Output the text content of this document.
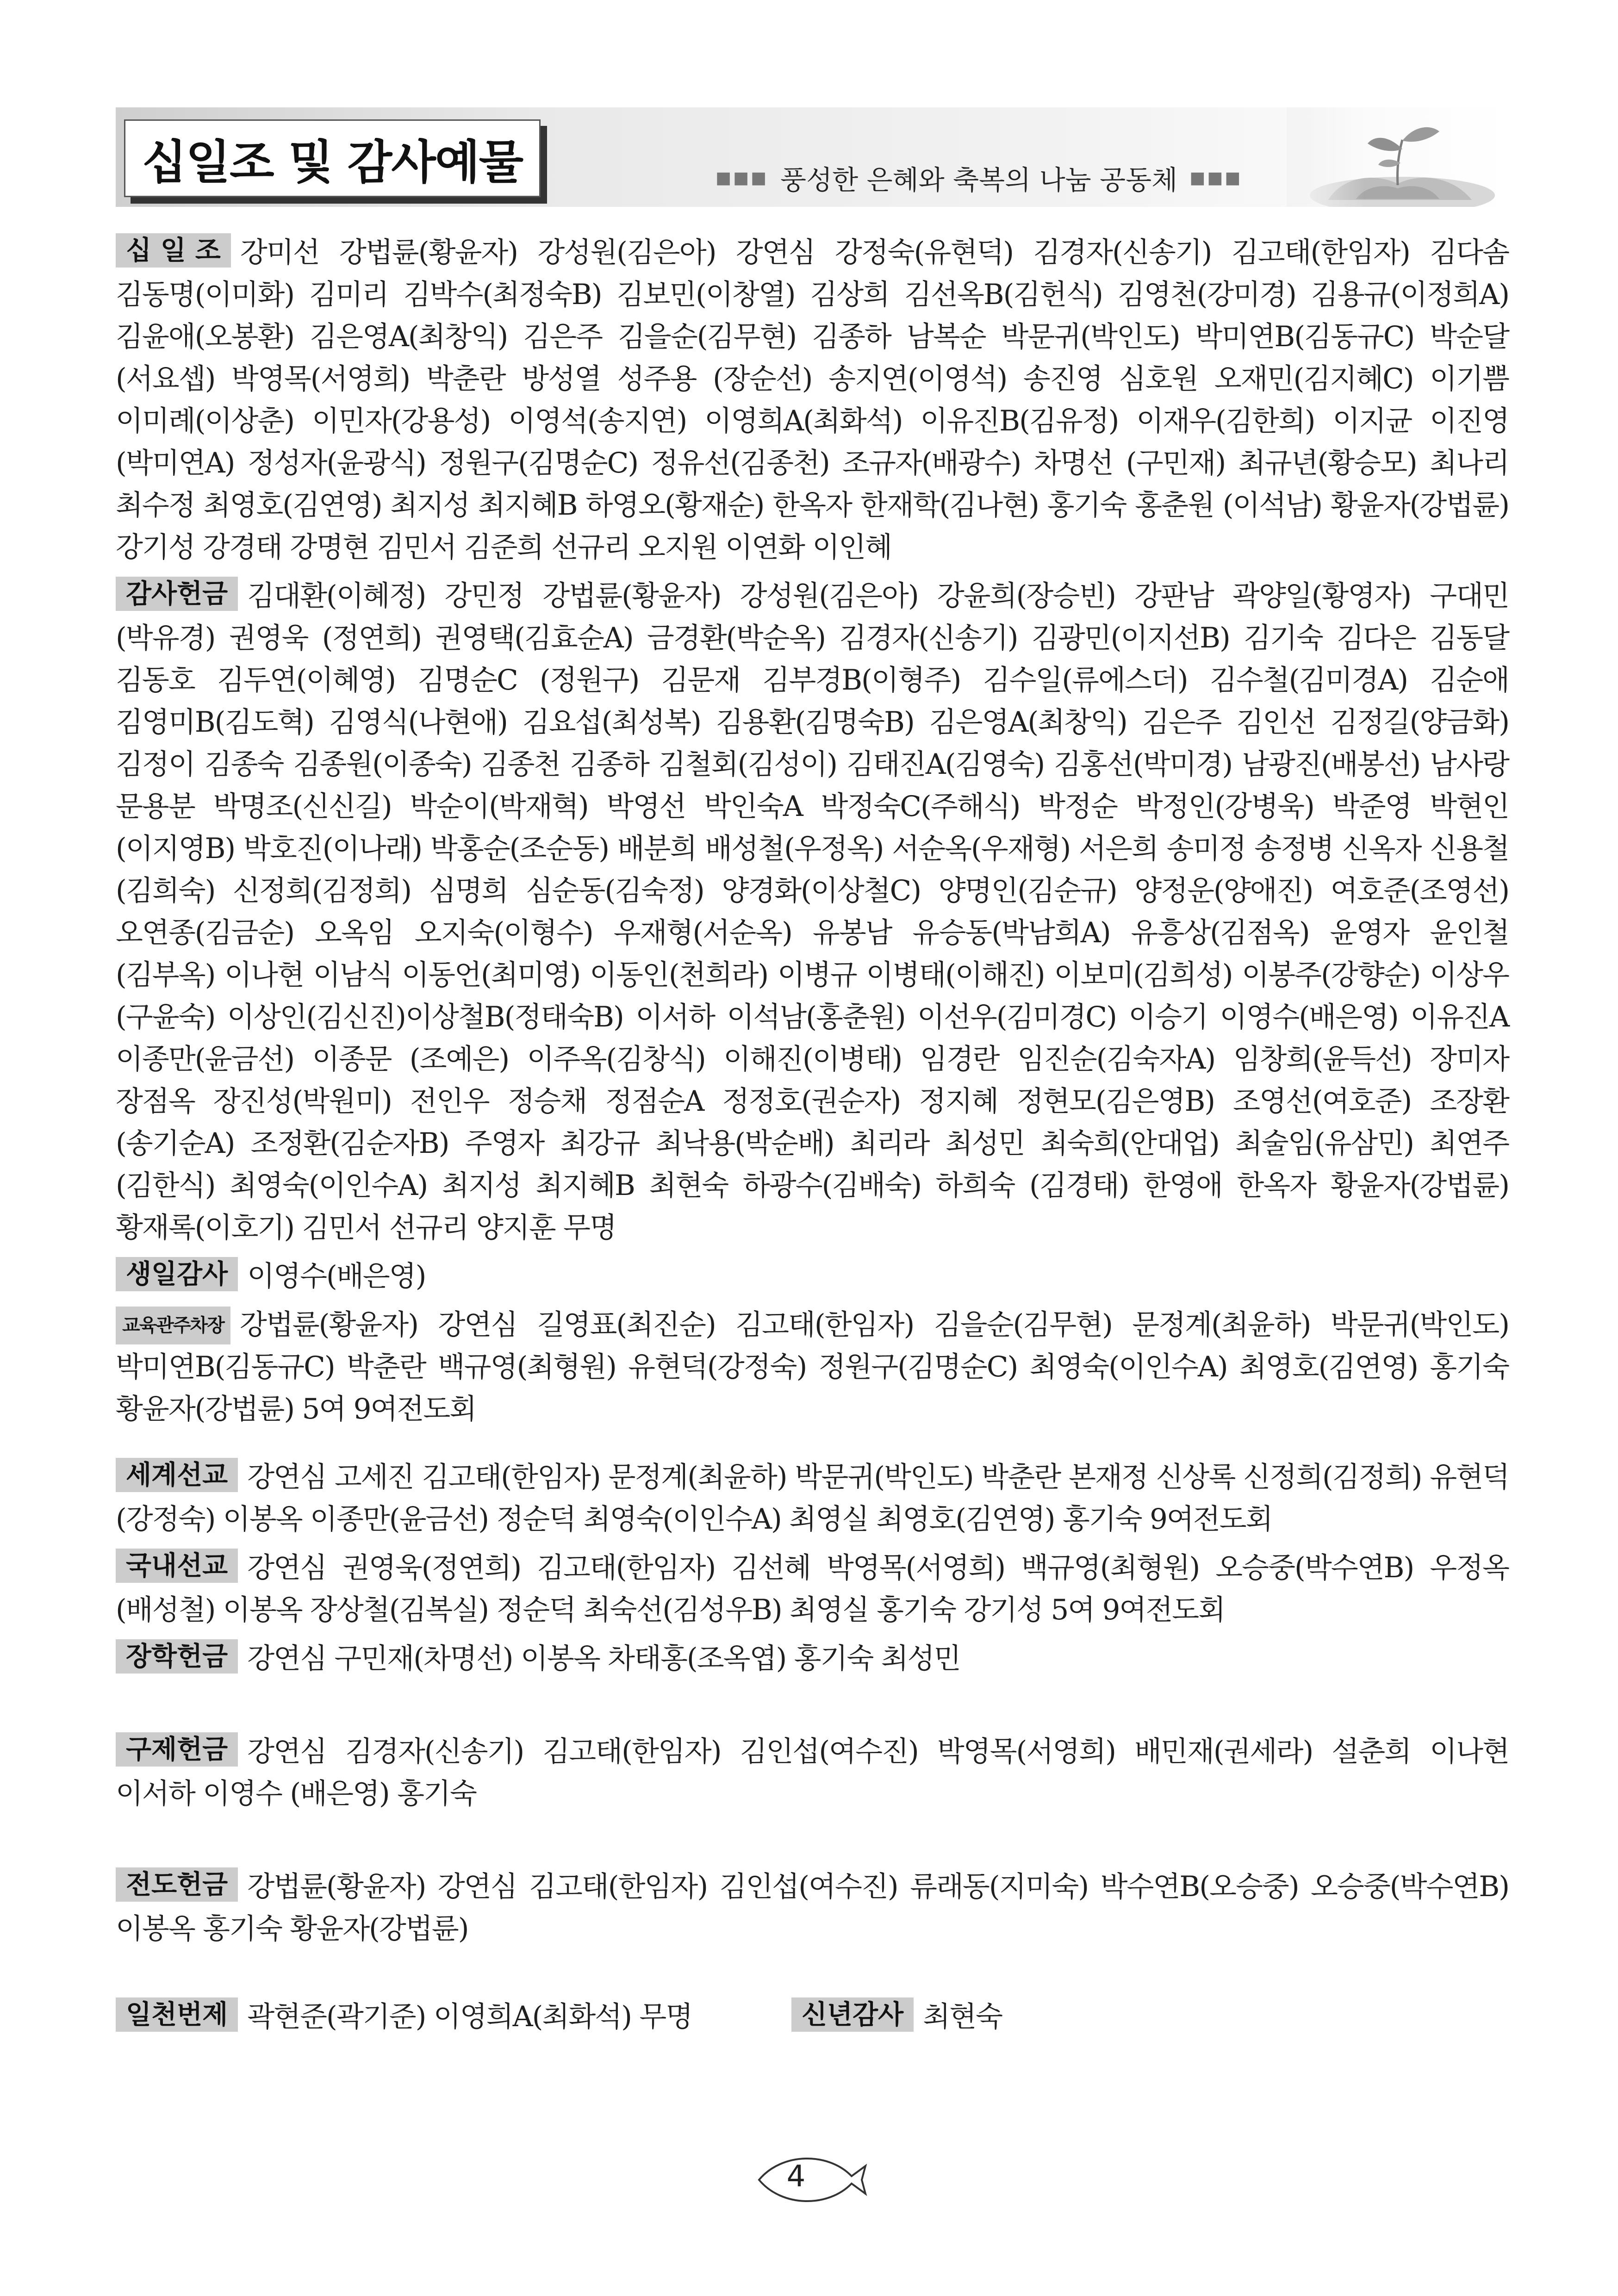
십일조 및 감사예물	■■■ 풍성한 은혜와 축복의 나눔 공동체 ■■■

십 일 조 강미선 강법륜(황윤자) 강성원(김은아) 강연심 강정숙(유현덕) 김경자(신송기) 김고태(한임자) 김다솜 김동명(이미화) 김미리 김박수(최정숙B) 김보민(이창열) 김상희 김선옥B(김헌식) 김영천(강미경) 김용규(이정희A) 김윤애(오봉환) 김은영A(최창익) 김은주 김을순(김무현) 김종하 남복순 박문귀(박인도) 박미연B(김동규C) 박순달(서요셉) 박영목(서영희) 박춘란 방성열 성주용 (장순선) 송지연(이영석) 송진영 심호원 오재민(김지혜C) 이기쁨 이미례(이상춘) 이민자(강용성) 이영석(송지연) 이영희A(최화석) 이유진B(김유정) 이재우(김한희) 이지균 이진영(박미연A) 정성자(윤광식) 정원구(김명순C) 정유선(김종천) 조규자(배광수) 차명선 (구민재) 최규년(황승모) 최나리 최수정 최영호(김연영) 최지성 최지혜B 하영오(황재순) 한옥자 한재학(김나현) 홍기숙 홍춘원 (이석남) 황윤자(강법륜) 강기성 강경태 강명현 김민서 김준희 선규리 오지원 이연화 이인혜

감사헌금 김대환(이혜정) 강민정 강법륜(황윤자) 강성원(김은아) 강윤희(장승빈) 강판남 곽양일(황영자) 구대민(박유경) 권영욱 (정연희) 권영택(김효순A) 금경환(박순옥) 김경자(신송기) 김광민(이지선B) 김기숙 김다은 김동달 김동호 김두연(이혜영) 김명순C (정원구) 김문재 김부경B(이형주) 김수일(류에스더) 김수철(김미경A) 김순애 김영미B(김도혁) 김영식(나현애) 김요섭(최성복) 김용환(김명숙B) 김은영A(최창익) 김은주 김인선 김정길(양금화) 김정이 김종숙 김종원(이종숙) 김종천 김종하 김철회(김성이) 김태진A(김영숙) 김홍선(박미경) 남광진(배봉선) 남사랑 문용분 박명조(신신길) 박순이(박재혁) 박영선 박인숙A 박정숙C(주해식) 박정순 박정인(강병욱) 박준영 박현인(이지영B) 박호진(이나래) 박홍순(조순동) 배분희 배성철(우정옥) 서순옥(우재형) 서은희 송미정 송정병 신옥자 신용철(김희숙) 신정희(김정희) 심명희 심순동(김숙정) 양경화(이상철C) 양명인(김순규) 양정운(양애진) 여호준(조영선) 오연종(김금순) 오옥임 오지숙(이형수) 우재형(서순옥) 유봉남 유승동(박남희A) 유흥상(김점옥) 윤영자 윤인철 (김부옥) 이나현 이남식 이동언(최미영) 이동인(천희라) 이병규 이병태(이해진) 이보미(김희성) 이봉주(강향순) 이상우(구윤숙) 이상인(김신진)이상철B(정태숙B) 이서하 이석남(홍춘원) 이선우(김미경C) 이승기 이영수(배은영) 이유진A 이종만(윤금선) 이종문 (조예은) 이주옥(김창식) 이해진(이병태) 임경란 임진순(김숙자A) 임창희(윤득선) 장미자 장점옥 장진성(박원미) 전인우 정승채 정점순A 정정호(권순자) 정지혜 정현모(김은영B) 조영선(여호준) 조장환(송기순A) 조정환(김순자B) 주영자 최강규 최낙용(박순배) 최리라 최성민 최숙희(안대업) 최술임(유삼민) 최연주(김한식) 최영숙(이인수A) 최지성 최지혜B 최현숙 하광수(김배숙) 하희숙 (김경태) 한영애 한옥자 황윤자(강법륜) 황재록(이호기) 김민서 선규리 양지훈 무명

생일감사 이영수(배은영)

교육관주차장 강법륜(황윤자) 강연심 길영표(최진순) 김고태(한임자) 김을순(김무현) 문정계(최윤하) 박문귀(박인도) 박미연B(김동규C) 박춘란 백규영(최형원) 유현덕(강정숙) 정원구(김명순C) 최영숙(이인수A) 최영호(김연영) 홍기숙 황윤자(강법륜) 5여 9여전도회

세계선교 강연심 고세진 김고태(한임자) 문정계(최윤하) 박문귀(박인도) 박춘란 본재정 신상록 신정희(김정희) 유현덕(강정숙) 이봉옥 이종만(윤금선) 정순덕 최영숙(이인수A) 최영실 최영호(김연영) 홍기숙 9여전도회

국내선교 강연심 권영욱(정연희) 김고태(한임자) 김선혜 박영목(서영희) 백규영(최형원) 오승중(박수연B) 우정옥(배성철) 이봉옥 장상철(김복실) 정순덕 최숙선(김성우B) 최영실 홍기숙 강기성 5여 9여전도회

장학헌금 강연심 구민재(차명선) 이봉옥 차태홍(조옥엽) 홍기숙 최성민

구제헌금 강연심 김경자(신송기) 김고태(한임자) 김인섭(여수진) 박영목(서영희) 배민재(권세라) 설춘희 이나현 이서하 이영수 (배은영) 홍기숙

전도헌금 강법륜(황윤자) 강연심 김고태(한임자) 김인섭(여수진) 류래동(지미숙) 박수연B(오승중) 오승중(박수연B) 이봉옥 홍기숙 황윤자(강법륜)

일천번제 곽현준(곽기준) 이영희A(최화석) 무명	신년감사 최현숙
4
